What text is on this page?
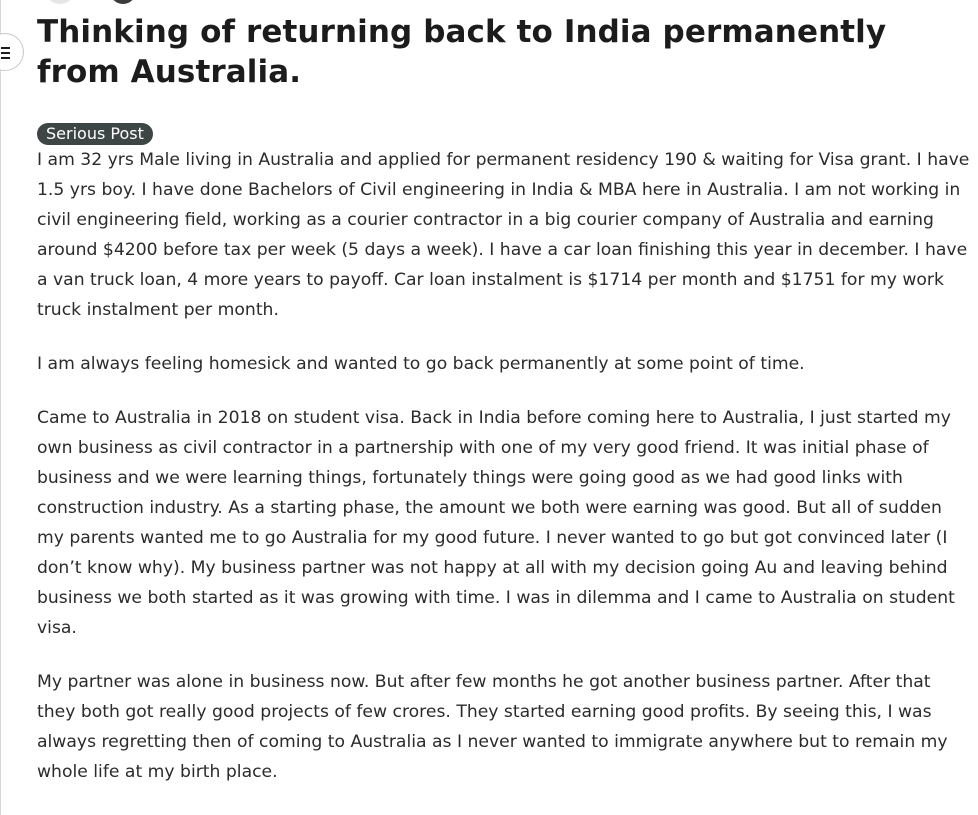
Thinking of returning back to India permanently from Australia.
Serious Post

I am 32 yrs Male living in Australia and applied for permanent residency 190 & waiting for Visa grant. I have 1.5 yrs boy. I have done Bachelors of Civil engineering in India & MBA here in Australia. I am not working in civil engineering field, working as a courier contractor in a big courier company of Australia and earning around $4200 before tax per week (5 days a week). I have a car loan finishing this year in december. I have a van truck loan, 4 more years to payoff. Car loan instalment is $1714 per month and $1751 for my work truck instalment per month.

I am always feeling homesick and wanted to go back permanently at some point of time.

Came to Australia in 2018 on student visa. Back in India before coming here to Australia, I just started my own business as civil contractor in a partnership with one of my very good friend. It was initial phase of business and we were learning things, fortunately things were going good as we had good links with construction industry. As a starting phase, the amount we both were earning was good. But all of sudden my parents wanted me to go Australia for my good future. I never wanted to go but got convinced later (I don’t know why). My business partner was not happy at all with my decision going Au and leaving behind business we both started as it was growing with time. I was in dilemma and I came to Australia on student visa.

My partner was alone in business now. But after few months he got another business partner. After that they both got really good projects of few crores. They started earning good profits. By seeing this, I was always regretting then of coming to Australia as I never wanted to immigrate anywhere but to remain my whole life at my birth place.
